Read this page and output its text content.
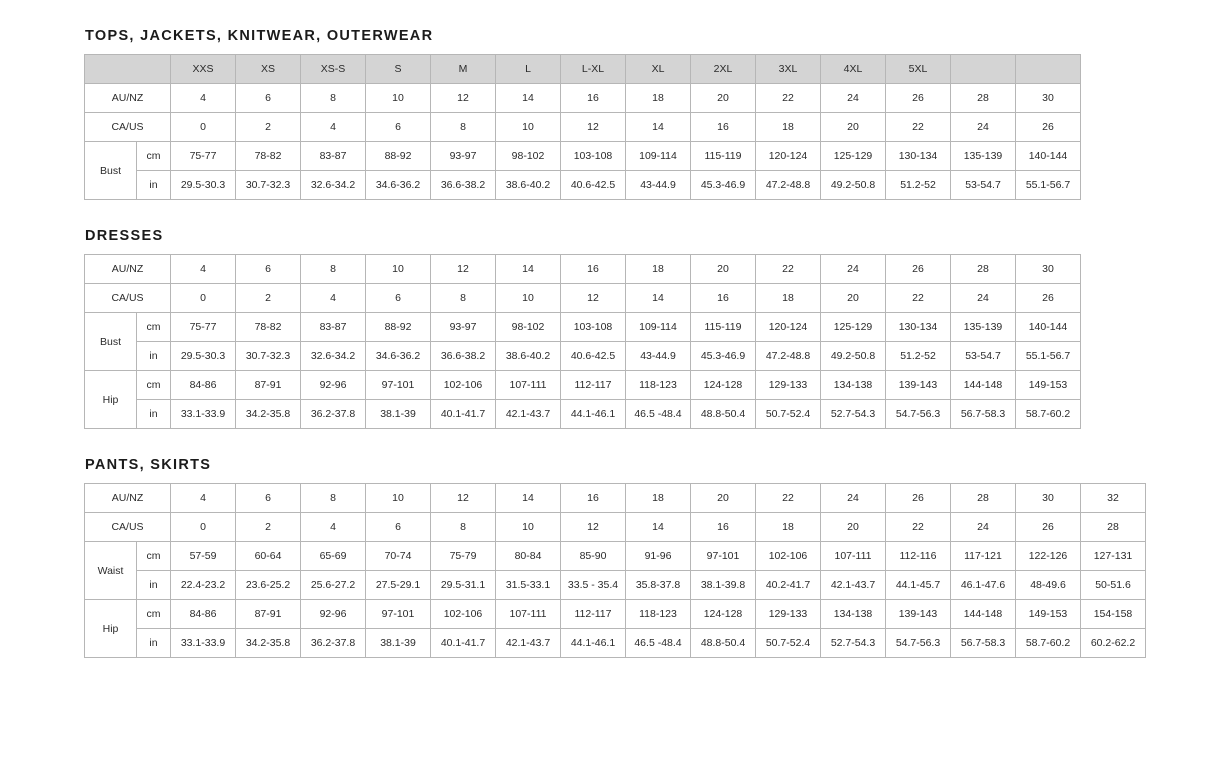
TOPS, JACKETS, KNITWEAR, OUTERWEAR
		XXS	XS	XS-S	S	M	L	L-XL	XL	2XL	3XL	4XL	5XL		
AU/NZ		4	6	8	10	12	14	16	18	20	22	24	26	28	30
CA/US		0	2	4	6	8	10	12	14	16	18	20	22	24	26
Bust	cm	75-77	78-82	83-87	88-92	93-97	98-102	103-108	109-114	115-119	120-124	125-129	130-134	135-139	140-144
	in	29.5-30.3	30.7-32.3	32.6-34.2	34.6-36.2	36.6-38.2	38.6-40.2	40.6-42.5	43-44.9	45.3-46.9	47.2-48.8	49.2-50.8	51.2-52	53-54.7	55.1-56.7
DRESSES
AU/NZ		4	6	8	10	12	14	16	18	20	22	24	26	28	30
CA/US		0	2	4	6	8	10	12	14	16	18	20	22	24	26
Bust	cm	75-77	78-82	83-87	88-92	93-97	98-102	103-108	109-114	115-119	120-124	125-129	130-134	135-139	140-144
	in	29.5-30.3	30.7-32.3	32.6-34.2	34.6-36.2	36.6-38.2	38.6-40.2	40.6-42.5	43-44.9	45.3-46.9	47.2-48.8	49.2-50.8	51.2-52	53-54.7	55.1-56.7
Hip	cm	84-86	87-91	92-96	97-101	102-106	107-111	112-117	118-123	124-128	129-133	134-138	139-143	144-148	149-153
	in	33.1-33.9	34.2-35.8	36.2-37.8	38.1-39	40.1-41.7	42.1-43.7	44.1-46.1	46.5 -48.4	48.8-50.4	50.7-52.4	52.7-54.3	54.7-56.3	56.7-58.3	58.7-60.2
PANTS, SKIRTS
AU/NZ		4	6	8	10	12	14	16	18	20	22	24	26	28	30	32
CA/US		0	2	4	6	8	10	12	14	16	18	20	22	24	26	28
Waist	cm	57-59	60-64	65-69	70-74	75-79	80-84	85-90	91-96	97-101	102-106	107-111	112-116	117-121	122-126	127-131
	in	22.4-23.2	23.6-25.2	25.6-27.2	27.5-29.1	29.5-31.1	31.5-33.1	33.5 - 35.4	35.8-37.8	38.1-39.8	40.2-41.7	42.1-43.7	44.1-45.7	46.1-47.6	48-49.6	50-51.6
Hip	cm	84-86	87-91	92-96	97-101	102-106	107-111	112-117	118-123	124-128	129-133	134-138	139-143	144-148	149-153	154-158
	in	33.1-33.9	34.2-35.8	36.2-37.8	38.1-39	40.1-41.7	42.1-43.7	44.1-46.1	46.5 -48.4	48.8-50.4	50.7-52.4	52.7-54.3	54.7-56.3	56.7-58.3	58.7-60.2	60.2-62.2
